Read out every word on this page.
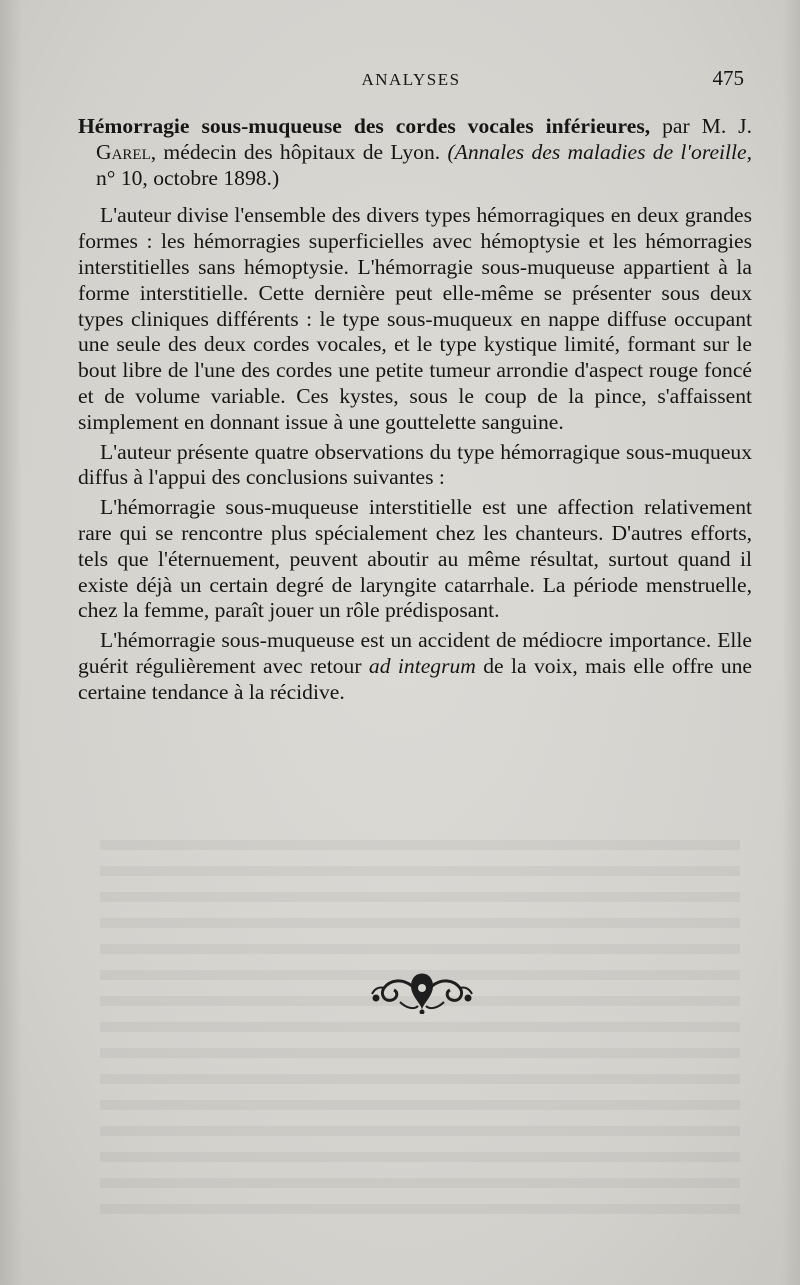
ANALYSES	475

Hémorragie sous-muqueuse des cordes vocales inférieures, par M. J. Garel, médecin des hôpitaux de Lyon. (Annales des maladies de l'oreille, n° 10, octobre 1898.)

L'auteur divise l'ensemble des divers types hémorragiques en deux grandes formes : les hémorragies superficielles avec hémoptysie et les hémorragies interstitielles sans hémoptysie. L'hémorragie sous-muqueuse appartient à la forme interstitielle. Cette dernière peut elle-même se présenter sous deux types cliniques différents : le type sous-muqueux en nappe diffuse occupant une seule des deux cordes vocales, et le type kystique limité, formant sur le bout libre de l'une des cordes une petite tumeur arrondie d'aspect rouge foncé et de volume variable. Ces kystes, sous le coup de la pince, s'affaissent simplement en donnant issue à une gouttelette sanguine.

L'auteur présente quatre observations du type hémorragique sous-muqueux diffus à l'appui des conclusions suivantes :

L'hémorragie sous-muqueuse interstitielle est une affection relativement rare qui se rencontre plus spécialement chez les chanteurs. D'autres efforts, tels que l'éternuement, peuvent aboutir au même résultat, surtout quand il existe déjà un certain degré de laryngite catarrhale. La période menstruelle, chez la femme, paraît jouer un rôle prédisposant.

L'hémorragie sous-muqueuse est un accident de médiocre importance. Elle guérit régulièrement avec retour ad integrum de la voix, mais elle offre une certaine tendance à la récidive.
